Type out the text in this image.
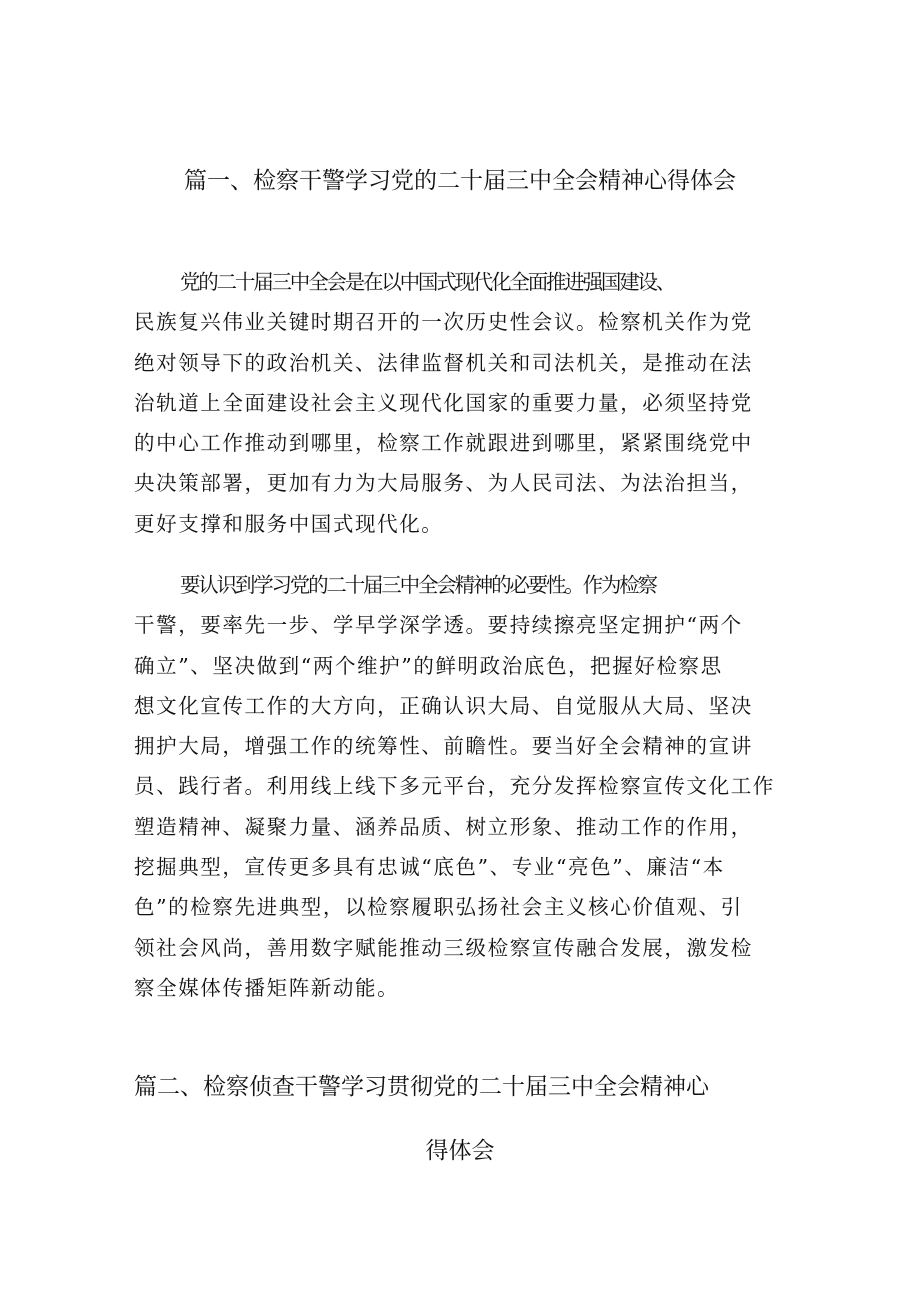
篇一、检察干警学习党的二十届三中全会精神心得体会

党的二十届三中全会是在以中国式现代化全面推进强国建设、
民族复兴伟业关键时期召开的一次历史性会议。检察机关作为党
绝对领导下的政治机关、法律监督机关和司法机关，是推动在法
治轨道上全面建设社会主义现代化国家的重要力量，必须坚持党
的中心工作推动到哪里，检察工作就跟进到哪里，紧紧围绕党中
央决策部署，更加有力为大局服务、为人民司法、为法治担当，
更好支撑和服务中国式现代化。

要认识到学习党的二十届三中全会精神的必要性。作为检察
干警，要率先一步、学早学深学透。要持续擦亮坚定拥护“两个
确立”、坚决做到“两个维护”的鲜明政治底色，把握好检察思
想文化宣传工作的大方向，正确认识大局、自觉服从大局、坚决
拥护大局，增强工作的统筹性、前瞻性。要当好全会精神的宣讲
员、践行者。利用线上线下多元平台，充分发挥检察宣传文化工作
塑造精神、凝聚力量、涵养品质、树立形象、推动工作的作用，
挖掘典型，宣传更多具有忠诚“底色”、专业“亮色”、廉洁“本
色”的检察先进典型，以检察履职弘扬社会主义核心价值观、引
领社会风尚，善用数字赋能推动三级检察宣传融合发展，激发检
察全媒体传播矩阵新动能。

篇二、检察侦查干警学习贯彻党的二十届三中全会精神心
得体会
